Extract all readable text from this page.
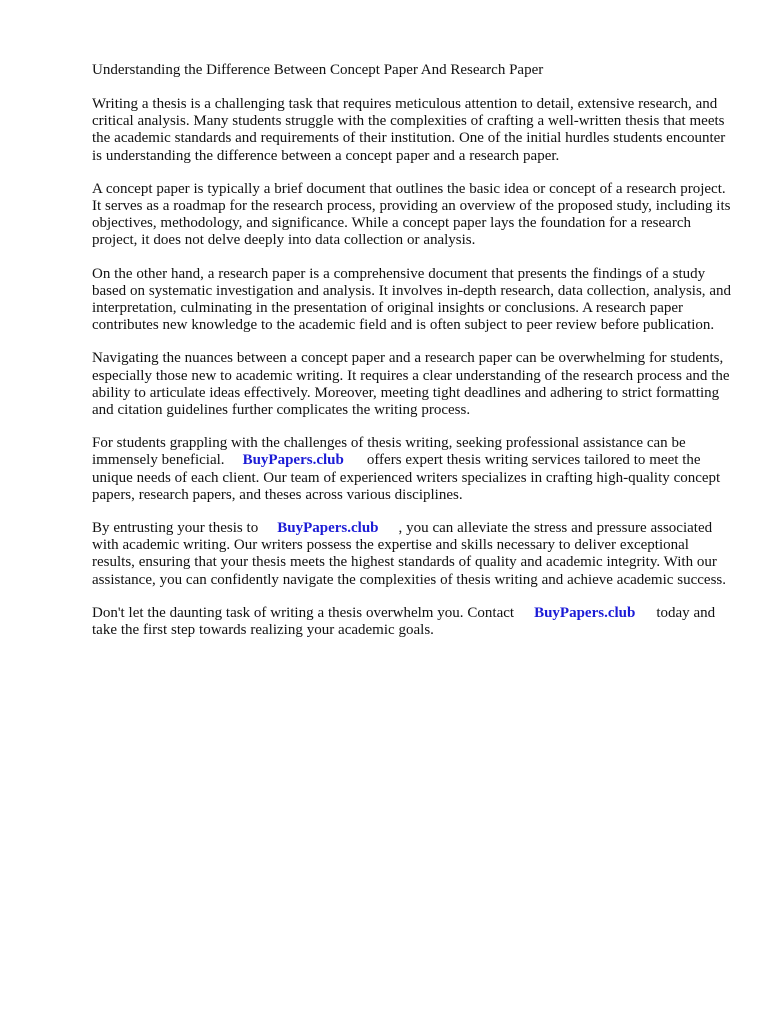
Understanding the Difference Between Concept Paper And Research Paper

Writing a thesis is a challenging task that requires meticulous attention to detail, extensive research, and critical analysis. Many students struggle with the complexities of crafting a well-written thesis that meets the academic standards and requirements of their institution. One of the initial hurdles students encounter is understanding the difference between a concept paper and a research paper.

A concept paper is typically a brief document that outlines the basic idea or concept of a research project. It serves as a roadmap for the research process, providing an overview of the proposed study, including its objectives, methodology, and significance. While a concept paper lays the foundation for a research project, it does not delve deeply into data collection or analysis.

On the other hand, a research paper is a comprehensive document that presents the findings of a study based on systematic investigation and analysis. It involves in-depth research, data collection, analysis, and interpretation, culminating in the presentation of original insights or conclusions. A research paper contributes new knowledge to the academic field and is often subject to peer review before publication.

Navigating the nuances between a concept paper and a research paper can be overwhelming for students, especially those new to academic writing. It requires a clear understanding of the research process and the ability to articulate ideas effectively. Moreover, meeting tight deadlines and adhering to strict formatting and citation guidelines further complicates the writing process.

For students grappling with the challenges of thesis writing, seeking professional assistance can be immensely beneficial. BuyPapers.club offers expert thesis writing services tailored to meet the unique needs of each client. Our team of experienced writers specializes in crafting high-quality concept papers, research papers, and theses across various disciplines.

By entrusting your thesis to BuyPapers.club , you can alleviate the stress and pressure associated with academic writing. Our writers possess the expertise and skills necessary to deliver exceptional results, ensuring that your thesis meets the highest standards of quality and academic integrity. With our assistance, you can confidently navigate the complexities of thesis writing and achieve academic success.

Don't let the daunting task of writing a thesis overwhelm you. Contact BuyPapers.club today and take the first step towards realizing your academic goals.
